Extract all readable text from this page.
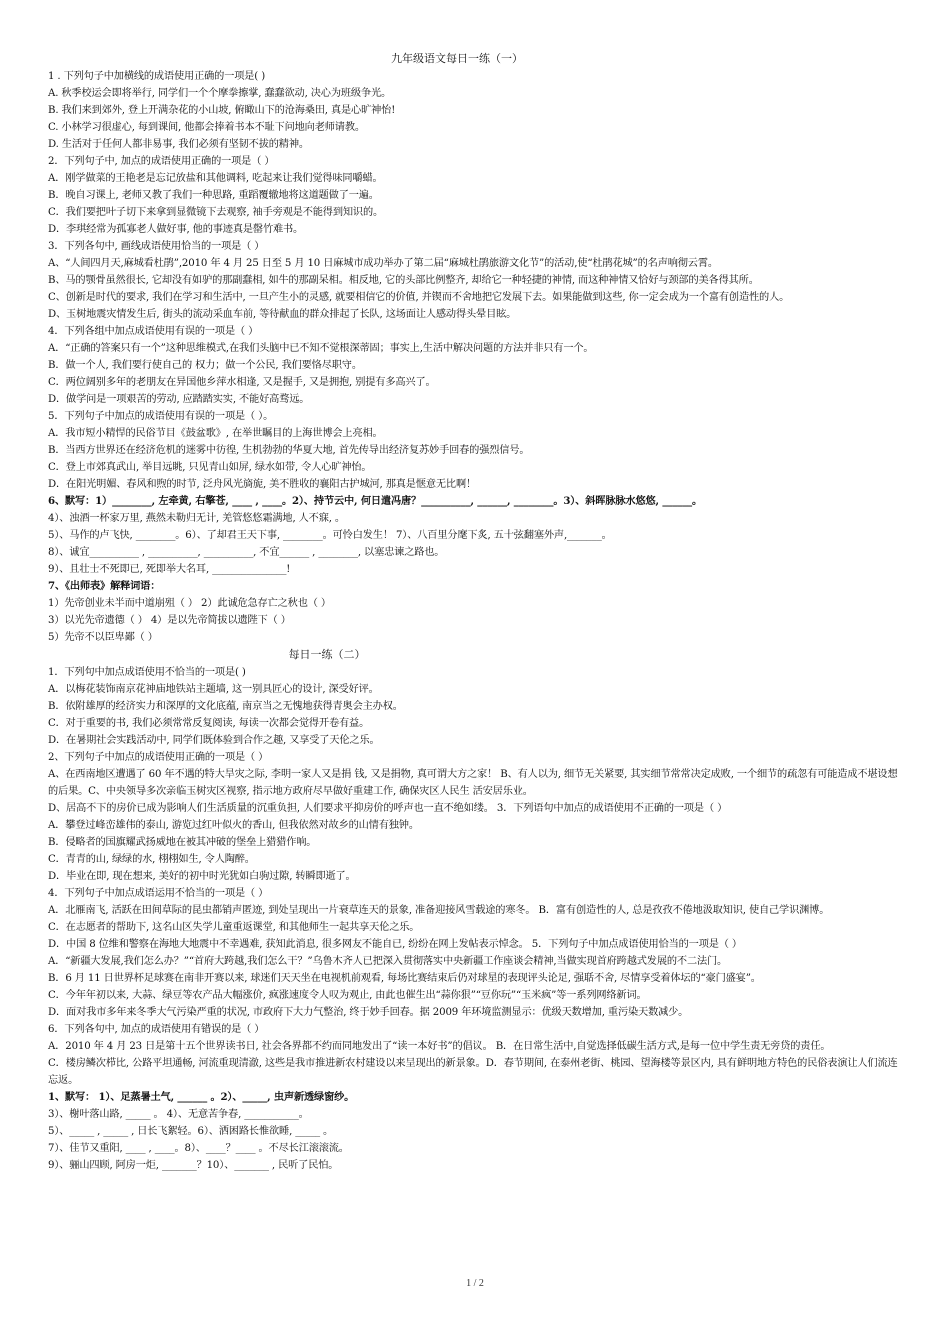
九年级语文每日一练（一）
1 . 下列句子中加横线的成语使用正确的一项是( )
A. 秋季校运会即将举行, 同学们一个个摩拳擦掌, 蠢蠢欲动, 决心为班级争光。
B. 我们来到郊外, 登上开满杂花的小山坡, 俯瞰山下的沧海桑田, 真是心旷神怡!
C. 小林学习很虚心, 每到课间, 他都会捧着书本不耻下问地向老师请教。
D. 生活对于任何人都非易事, 我们必须有坚韧不拔的精神。
2．下列句子中, 加点的成语使用正确的一项是（ ）
A．刚学做菜的王艳老是忘记放盐和其他调料, 吃起来让我们觉得味同嚼蜡。
B．晚自习课上, 老师又教了我们一种思路, 重蹈覆辙地将这道题做了一遍。
C．我们要把叶子切下来拿到显微镜下去观察, 袖手旁观是不能得到知识的。
D．李琪经常为孤寡老人做好事, 他的事迹真是罄竹难书。
3．下列各句中, 画线成语使用恰当的一项是（ ）
A、“人间四月天,麻城看杜鹃”,2010 年 4 月 25 日至 5 月 10 日麻城市成功举办了第二届“麻城杜鹃旅游文化节”的活动,使“杜鹃花城”的名声响彻云霄。
B、马的颚骨虽然很长, 它却没有如驴的那副蠢相, 如牛的那副呆相。相反地, 它的头部比例整齐, 却给它一种轻捷的神情, 而这种神情又恰好与颈部的美各得其所。
C、创新是时代的要求, 我们在学习和生活中, 一旦产生小的灵感, 就要相信它的价值, 并锲而不舍地把它发展下去。如果能做到这些, 你一定会成为一个富有创造性的人。
D、玉树地震灾情发生后, 街头的流动采血车前, 等待献血的群众排起了长队, 这场面让人感动得头晕目眩。
4．下列各组中加点成语使用有误的一项是（ ）
A．“正确的答案只有一个”这种思维模式,在我们头脑中已不知不觉根深蒂固；事实上,生活中解决问题的方法并非只有一个。
B．做一个人, 我们要行使自己的 权力；做一个公民, 我们要恪尽职守。
C．两位阔别多年的老朋友在异国他乡萍水相逢, 又是握手, 又是拥抱, 别提有多高兴了。
D．做学问是一项艰苦的劳动, 应踏踏实实, 不能好高骛远。
5．下列句子中加点的成语使用有误的一项是（ ）。
A．我市短小精悍的民俗节目《鼓盆歌》, 在举世瞩目的上海世博会上亮相。
B．当西方世界还在经济危机的迷雾中彷徨, 生机勃勃的华夏大地, 首先传导出经济复苏妙手回春的强烈信号。
C．登上市郊真武山, 举目远眺, 只见青山如屏, 绿水如带, 令人心旷神怡。
D．在阳光明媚、春风和煦的时节, 泛舟风光旖旎, 美不胜收的襄阳古护城河, 那真是惬意无比啊！
6、默写：1）________, 左牵黄, 右擎苍, ____ , ____。2）、持节云中, 何日遣冯唐？__________, ______, ________。3）、斜晖脉脉水悠悠, ______。
4）、浊酒一杯家万里, 燕然未勒归无计, 羌管悠悠霜满地, 人不寐, 。
5）、马作的卢飞快, ________。6）、了却君王天下事, ________。可怜白发生！ 7）、八百里分麾下炙, 五十弦翻塞外声,_______。
8）、诚宜__________ , __________, __________, 不宜______ , ________, 以塞忠谏之路也。
9）、且壮士不死即已, 死即举大名耳, _______________!
7、《出师表》解释词语：
1）先帝创业未半而中道崩殂（ ） 2）此诚危急存亡之秋也（ ）
3）以光先帝遗德（ ） 4）是以先帝简拔以遗陛下（ ）
5）先帝不以臣卑鄙（ ）
每日一练（二）
1．下列句中加点成语使用不恰当的一项是( )
A．以梅花装饰南京花神庙地铁站主题墙, 这一别具匠心的设计, 深受好评。
B．依附雄厚的经济实力和深厚的文化底蕴, 南京当之无愧地获得青奥会主办权。
C．对于重要的书, 我们必须常常反复阅读, 每读一次都会觉得开卷有益。
D．在暑期社会实践活动中, 同学们既体验到合作之趣, 又享受了天伦之乐。
2、下列句子中加点的成语使用正确的一项是（ ）
A、在西南地区遭遇了 60 年不遇的特大旱灾之际, 李明一家人又是捐 钱, 又是捐物, 真可谓大方之家！ B、有人以为, 细节无关紧要, 其实细节常常决定成败, 一个细节的疏忽有可能造成不堪设想的后果。C、中央领导多次亲临玉树灾区视察, 指示地方政府尽早做好重建工作, 确保灾区人民生 活安居乐业。
D、居高不下的房价已成为影响人们生活质量的沉重负担, 人们要求平抑房价的呼声也一直不绝如缕。 3．下列语句中加点的成语使用不正确的一项是（ ）
A．攀登过峰峦雄伟的泰山, 游览过红叶似火的香山, 但我依然对故乡的山情有独钟。
B．侵略者的国旗耀武扬威地在被其冲破的堡垒上猎猎作响。
C．青青的山, 绿绿的水, 栩栩如生, 令人陶醉。
D．毕业在即, 现在想来, 美好的初中时光犹如白驹过隙, 转瞬即逝了。
4．下列句子中加点成语运用不恰当的一项是（ ）
A．北雁南飞, 活跃在田间草际的昆虫都销声匿迹, 到处呈现出一片衰草连天的景象, 准备迎接风雪载途的寒冬。 B．富有创造性的人, 总是孜孜不倦地汲取知识, 使自己学识渊博。
C．在志愿者的帮助下, 这名山区失学儿童重返课堂, 和其他师生一起共享天伦之乐。
D．中国 8 位维和警察在海地大地震中不幸遇难, 获知此消息, 很多网友不能自已, 纷纷在网上发帖表示悼念。 5．下列句子中加点成语使用恰当的一项是（ ）
A．“新疆大发展,我们怎么办？”“首府大跨越,我们怎么干？”乌鲁木齐人已把深入贯彻落实中央新疆工作座谈会精神,当做实现首府跨越式发展的不二法门。
B．6 月 11 日世界杯足球赛在南非开赛以来, 球迷们天天坐在电视机前观看, 每场比赛结束后仍对球星的表现评头论足, 强聒不舍, 尽情享受着体坛的“豪门盛宴”。
C．今年年初以来, 大蒜、绿豆等农产品大幅涨价, 疯涨速度令人叹为观止, 由此也催生出“蒜你狠”“豆你玩”“玉米疯”等一系列网络新词。
D．面对我市多年来冬季大气污染严重的状况, 市政府下大力气整治, 终于妙手回春。据 2009 年环境监测显示：优级天数增加, 重污染天数减少。
6．下列各句中, 加点的成语使用有错误的是（ ）
A．2010 年 4 月 23 日是第十五个世界读书日, 社会各界都不约而同地发出了“读一本好书”的倡议。 B．在日常生活中,自觉选择低碳生活方式,是每一位中学生责无旁贷的责任。
C．楼房鳞次栉比, 公路平坦通畅, 河流重现清澈, 这些是我市推进新农村建设以来呈现出的新景象。D．春节期间, 在泰州老街、桃园、望海楼等景区内, 具有鲜明地方特色的民俗表演让人们流连忘返。
1、默写： 1）、足蒸暑土气, ______ 。2）、_____, 虫声新透绿窗纱。
3）、榭叶落山路, _____ 。 4）、无意苦争春, ___________。
5）、_____ , _____ , 日长飞絮轻。6）、洒困路长惟欲睡, _____ 。
7）、佳节又重阳, ____ , ____。8）、____？____ 。不尽长江滚滚流。
9）、骊山四顾, 阿房一炬, _______？10）、_______ , 民听了民怕。
1 / 2
